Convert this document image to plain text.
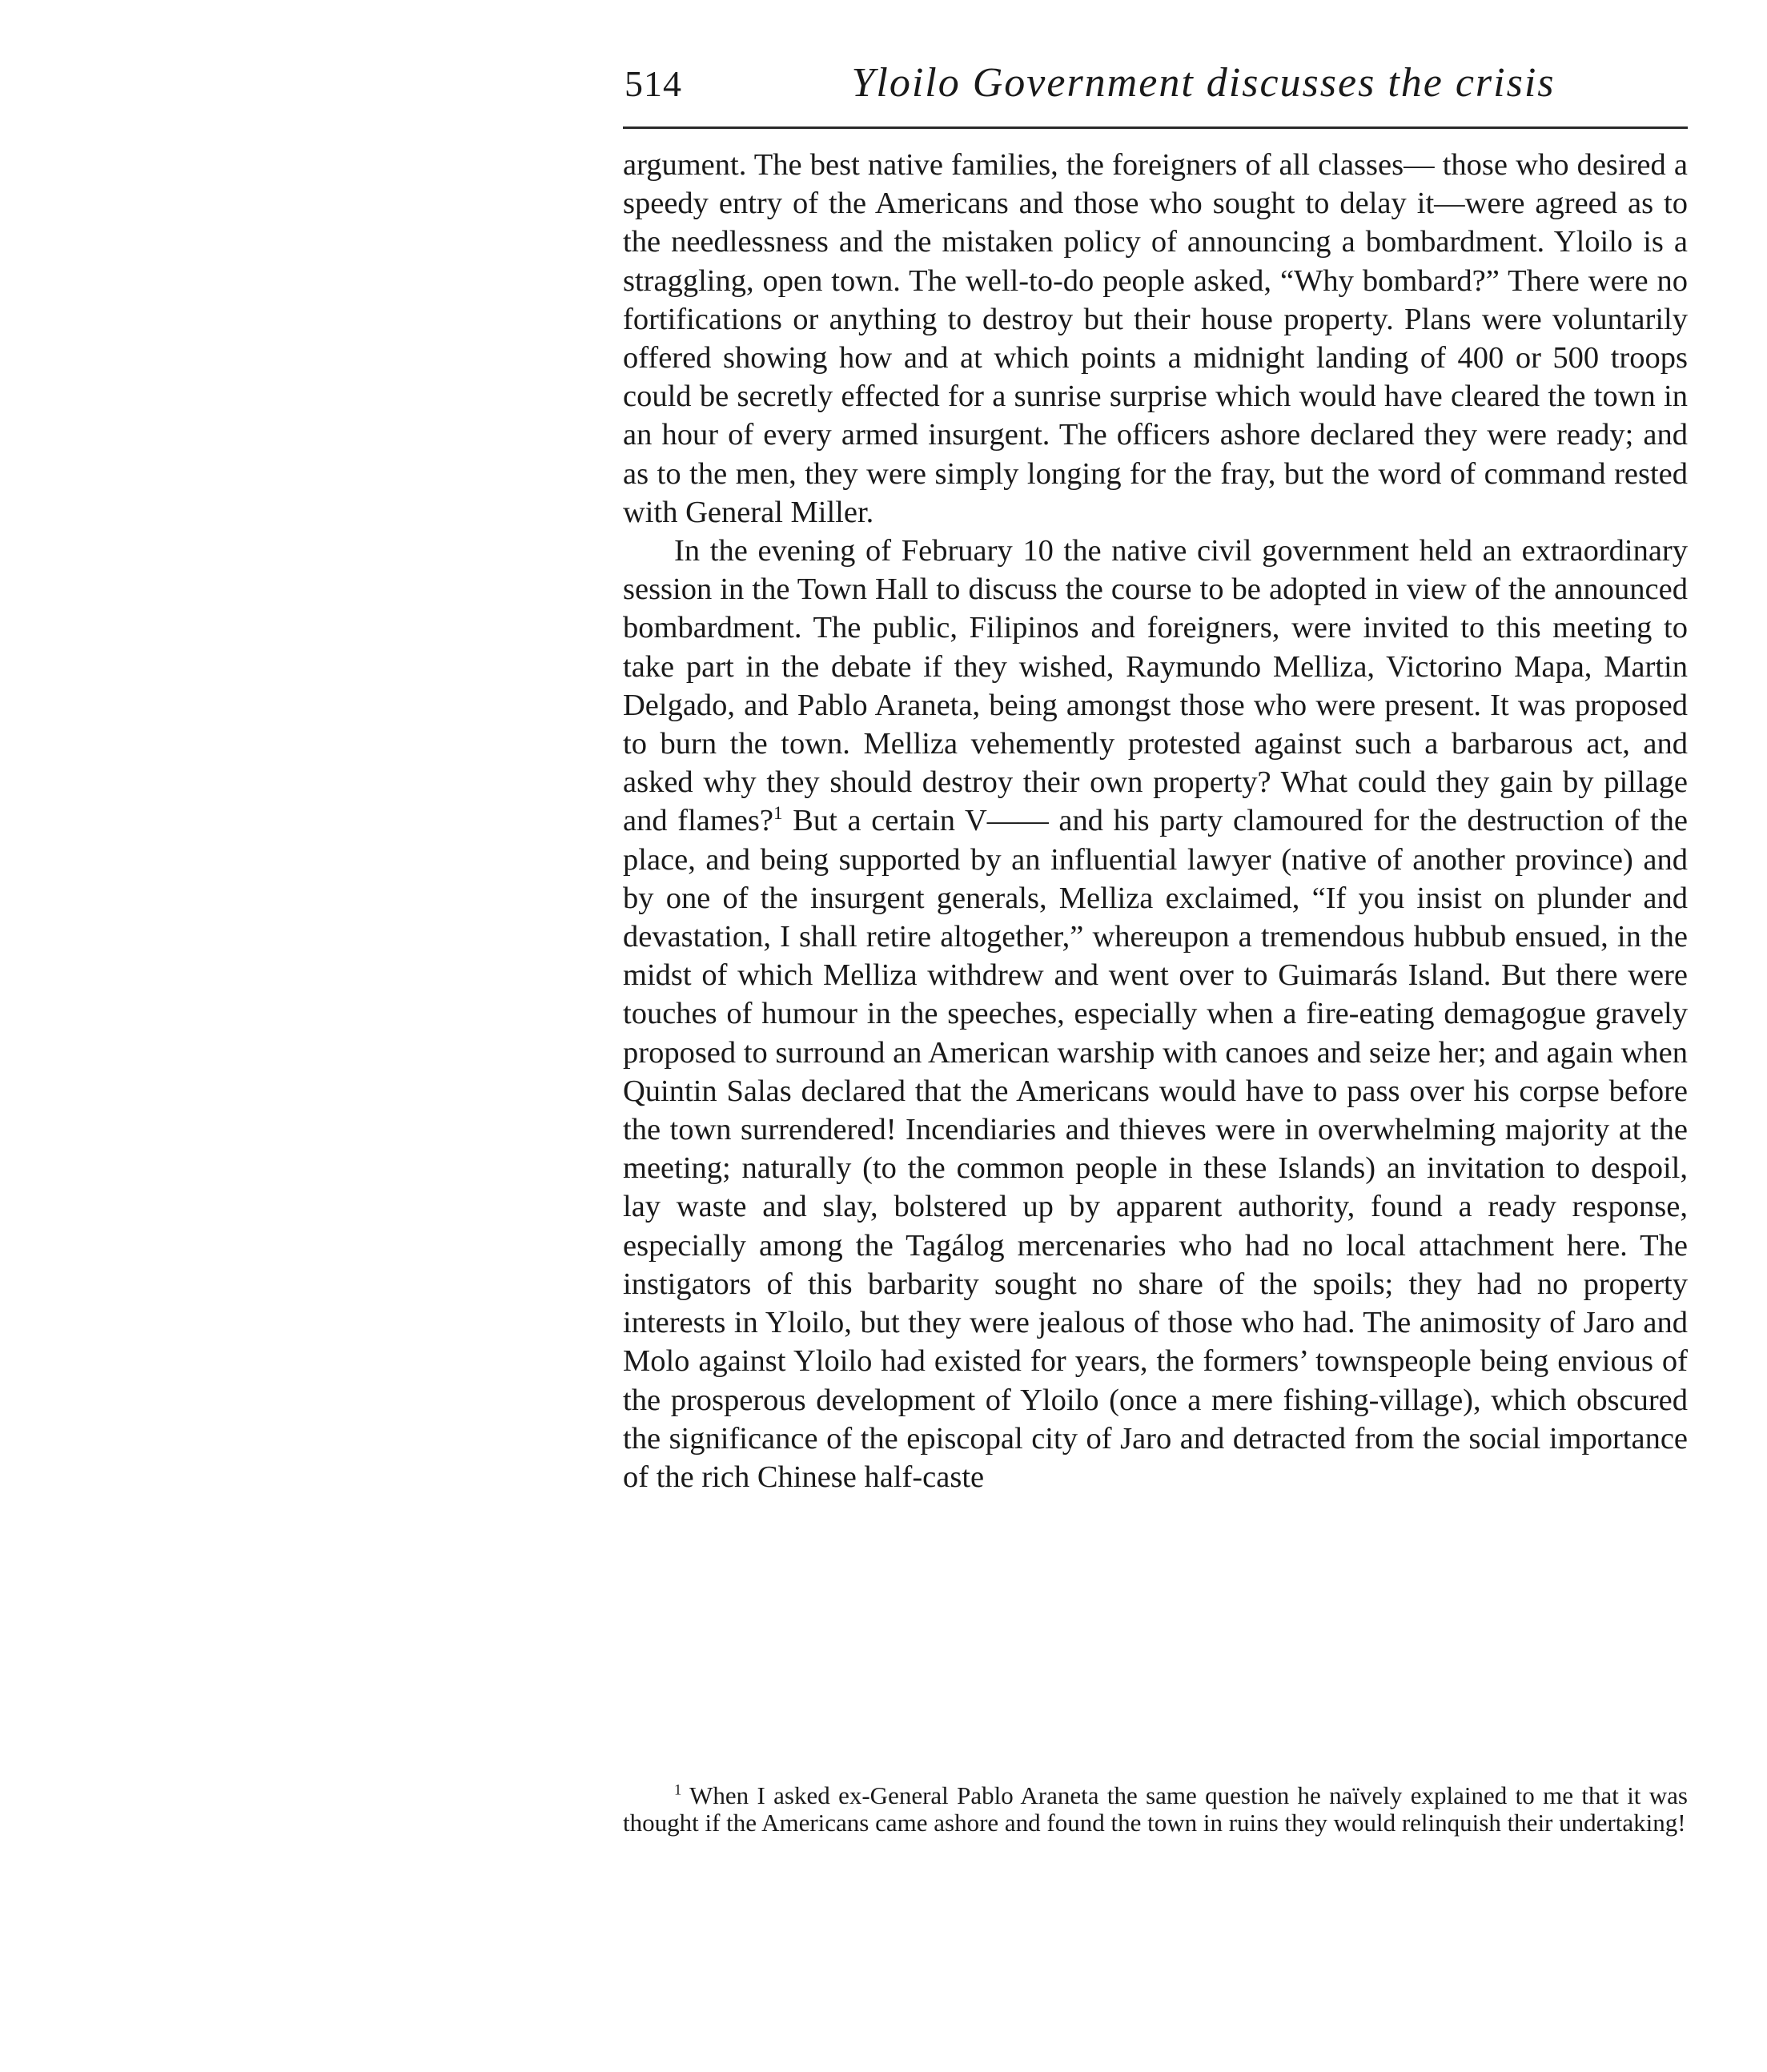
514	Yloilo Government discusses the crisis

argument. The best native families, the foreigners of all classes— those who desired a speedy entry of the Americans and those who sought to delay it—were agreed as to the needlessness and the mistaken policy of announcing a bombardment. Yloilo is a straggling, open town. The well-to-do people asked, “Why bombard?” There were no fortifications or anything to destroy but their house property. Plans were voluntarily offered showing how and at which points a midnight landing of 400 or 500 troops could be secretly effected for a sunrise surprise which would have cleared the town in an hour of every armed insurgent. The officers ashore declared they were ready; and as to the men, they were simply longing for the fray, but the word of command rested with General Miller.

In the evening of February 10 the native civil government held an extraordinary session in the Town Hall to discuss the course to be adopted in view of the announced bombardment. The public, Filipinos and foreigners, were invited to this meeting to take part in the debate if they wished, Raymundo Melliza, Victorino Mapa, Martin Delgado, and Pablo Araneta, being amongst those who were present. It was proposed to burn the town. Melliza vehemently protested against such a barbarous act, and asked why they should destroy their own property? What could they gain by pillage and flames?$^1$ But a certain V—— and his party clamoured for the destruction of the place, and being supported by an influential lawyer (native of another province) and by one of the insurgent generals, Melliza exclaimed, “If you insist on plunder and devastation, I shall retire altogether,” whereupon a tremendous hubbub ensued, in the midst of which Melliza withdrew and went over to Guimarás Island. But there were touches of humour in the speeches, especially when a fire-eating demagogue gravely proposed to surround an American warship with canoes and seize her; and again when Quintin Salas declared that the Americans would have to pass over his corpse before the town surrendered! Incendiaries and thieves were in overwhelming majority at the meeting; naturally (to the common people in these Islands) an invitation to despoil, lay waste and slay, bolstered up by apparent authority, found a ready response, especially among the Tagálog mercenaries who had no local attachment here. The instigators of this barbarity sought no share of the spoils; they had no property interests in Yloilo, but they were jealous of those who had. The animosity of Jaro and Molo against Yloilo had existed for years, the formers’ townspeople being envious of the prosperous development of Yloilo (once a mere fishing-village), which obscured the significance of the episcopal city of Jaro and detracted from the social importance of the rich Chinese half-caste

$^1$ When I asked ex-General Pablo Araneta the same question he naïvely explained to me that it was thought if the Americans came ashore and found the town in ruins they would relinquish their undertaking!
